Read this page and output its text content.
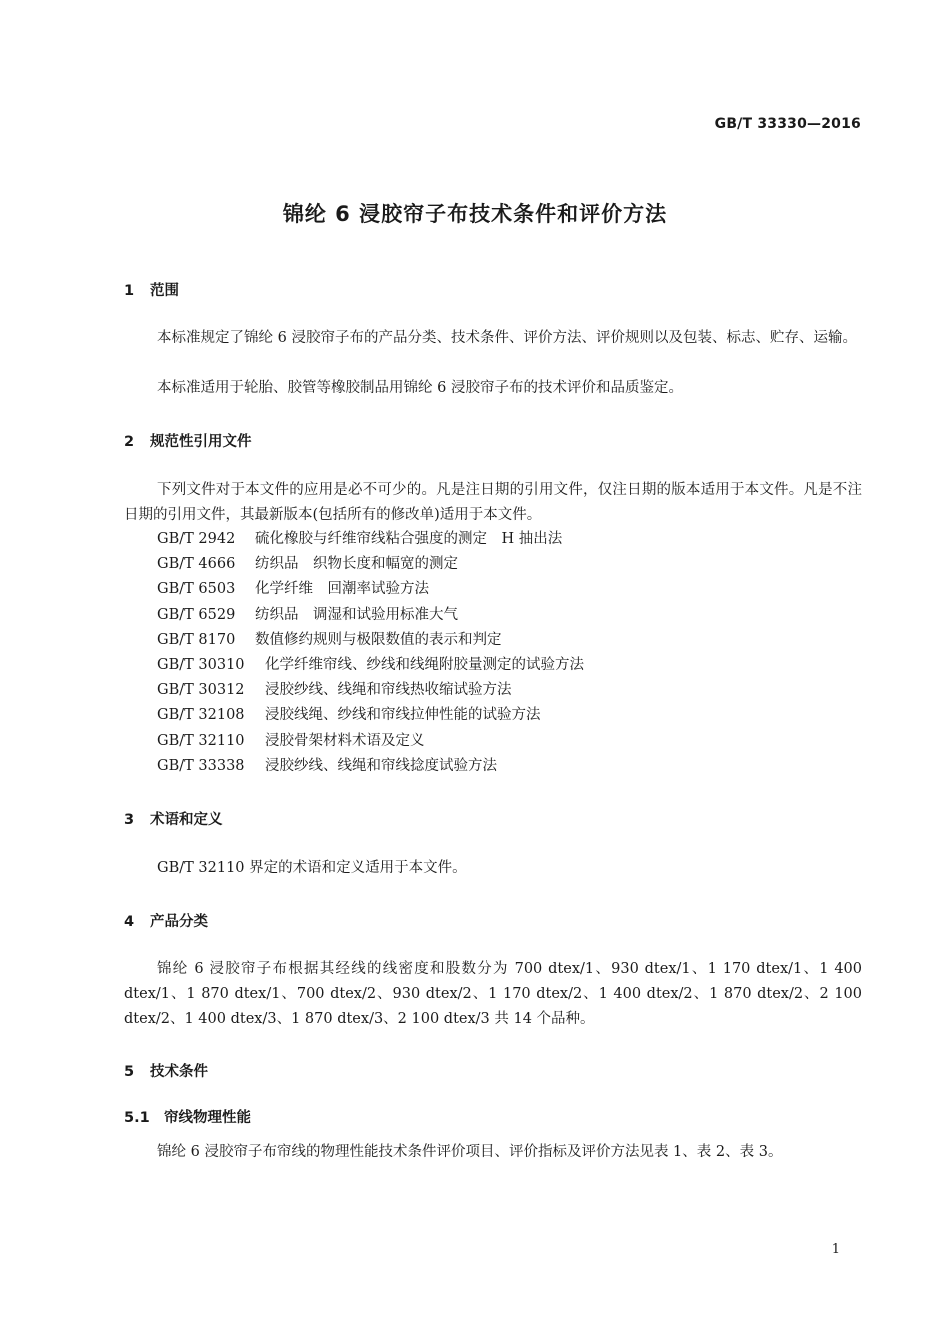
GB/T 33330—2016
锦纶 6 浸胶帘子布技术条件和评价方法
1 范围

本标准规定了锦纶 6 浸胶帘子布的产品分类、技术条件、评价方法、评价规则以及包装、标志、贮存、运输。

本标准适用于轮胎、胶管等橡胶制品用锦纶 6 浸胶帘子布的技术评价和品质鉴定。

2 规范性引用文件

下列文件对于本文件的应用是必不可少的。凡是注日期的引用文件，仅注日期的版本适用于本文件。凡是不注日期的引用文件，其最新版本(包括所有的修改单)适用于本文件。

GB/T 2942 硫化橡胶与纤维帘线粘合强度的测定　H 抽出法
GB/T 4666 纺织品　织物长度和幅宽的测定
GB/T 6503 化学纤维　回潮率试验方法
GB/T 6529 纺织品　调湿和试验用标准大气
GB/T 8170 数值修约规则与极限数值的表示和判定
GB/T 30310 化学纤维帘线、纱线和线绳附胶量测定的试验方法
GB/T 30312 浸胶纱线、线绳和帘线热收缩试验方法
GB/T 32108 浸胶线绳、纱线和帘线拉伸性能的试验方法
GB/T 32110 浸胶骨架材料术语及定义
GB/T 33338 浸胶纱线、线绳和帘线捻度试验方法
3 术语和定义

GB/T 32110 界定的术语和定义适用于本文件。

4 产品分类

锦纶 6 浸胶帘子布根据其经线的线密度和股数分为 700 dtex/1、930 dtex/1、1 170 dtex/1、1 400 dtex/1、1 870 dtex/1、700 dtex/2、930 dtex/2、1 170 dtex/2、1 400 dtex/2、1 870 dtex/2、2 100 dtex/2、1 400 dtex/3、1 870 dtex/3、2 100 dtex/3 共 14 个品种。

5 技术条件
5.1 帘线物理性能

锦纶 6 浸胶帘子布帘线的物理性能技术条件评价项目、评价指标及评价方法见表 1、表 2、表 3。

1
